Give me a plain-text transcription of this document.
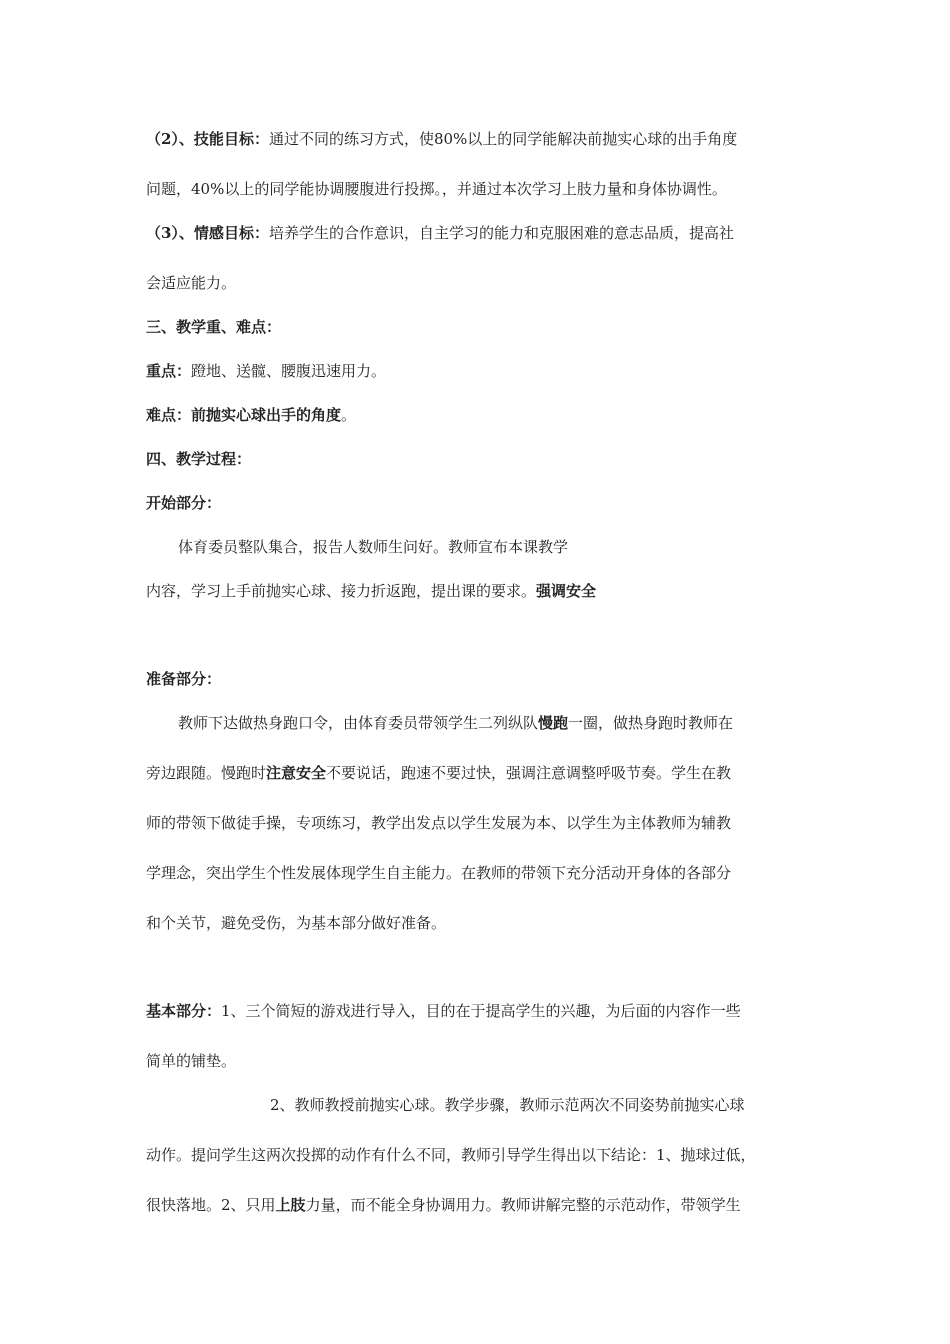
（2）、技能目标：通过不同的练习方式，使80%以上的同学能解决前抛实心球的出手角度

问题，40%以上的同学能协调腰腹进行投掷。，并通过本次学习上肢力量和身体协调性。

（3）、情感目标：培养学生的合作意识，自主学习的能力和克服困难的意志品质，提高社

会适应能力。

三、教学重、难点：

重点：蹬地、送髋、腰腹迅速用力。

难点：前抛实心球出手的角度。

四、教学过程：

开始部分：

体育委员整队集合，报告人数师生问好。教师宣布本课教学

内容，学习上手前抛实心球、接力折返跑，提出课的要求。强调安全

准备部分：

教师下达做热身跑口令，由体育委员带领学生二列纵队慢跑一圈，做热身跑时教师在

旁边跟随。慢跑时注意安全不要说话，跑速不要过快，强调注意调整呼吸节奏。学生在教

师的带领下做徒手操，专项练习，教学出发点以学生发展为本、以学生为主体教师为辅教

学理念，突出学生个性发展体现学生自主能力。在教师的带领下充分活动开身体的各部分

和个关节，避免受伤，为基本部分做好准备。

基本部分：1、三个简短的游戏进行导入，目的在于提高学生的兴趣，为后面的内容作一些

简单的铺垫。

2、教师教授前抛实心球。教学步骤，教师示范两次不同姿势前抛实心球

动作。提问学生这两次投掷的动作有什么不同，教师引导学生得出以下结论：1、抛球过低，

很快落地。2、只用上肢力量，而不能全身协调用力。教师讲解完整的示范动作，带领学生
